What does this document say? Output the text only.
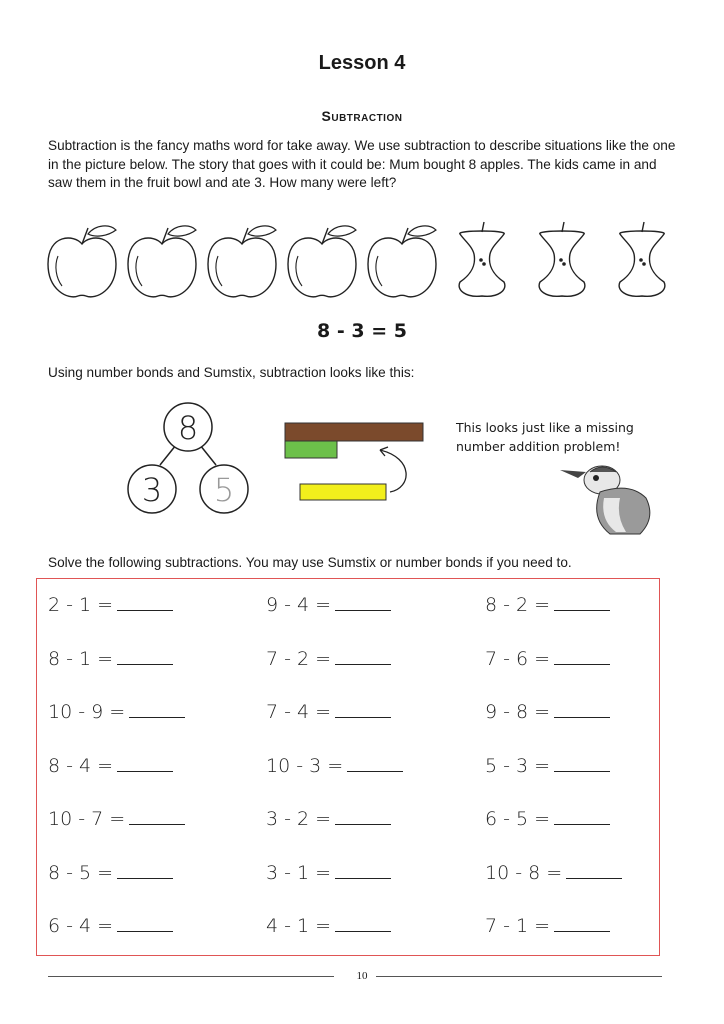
Lesson 4
Subtraction
Subtraction is the fancy maths word for take away. We use subtraction to describe situations like the one in the picture below. The story that goes with it could be: Mum bought 8 apples. The kids came in and saw them in the fruit bowl and ate 3. How many were left?
8 - 3 = 5
Using number bonds and Sumstix, subtraction looks like this:
8
3 5
This looks just like a missing number addition problem!
Solve the following subtractions. You may use Sumstix or number bonds if you need to.
2 - 1 =	9 - 4 =	8 - 2 =
8 - 1 =	7 - 2 =	7 - 6 =
10 - 9 =	7 - 4 =	9 - 8 =
8 - 4 =	10 - 3 =	5 - 3 =
10 - 7 =	3 - 2 =	6 - 5 =
8 - 5 =	3 - 1 =	10 - 8 =
6 - 4 =	4 - 1 =	7 - 1 =
10
